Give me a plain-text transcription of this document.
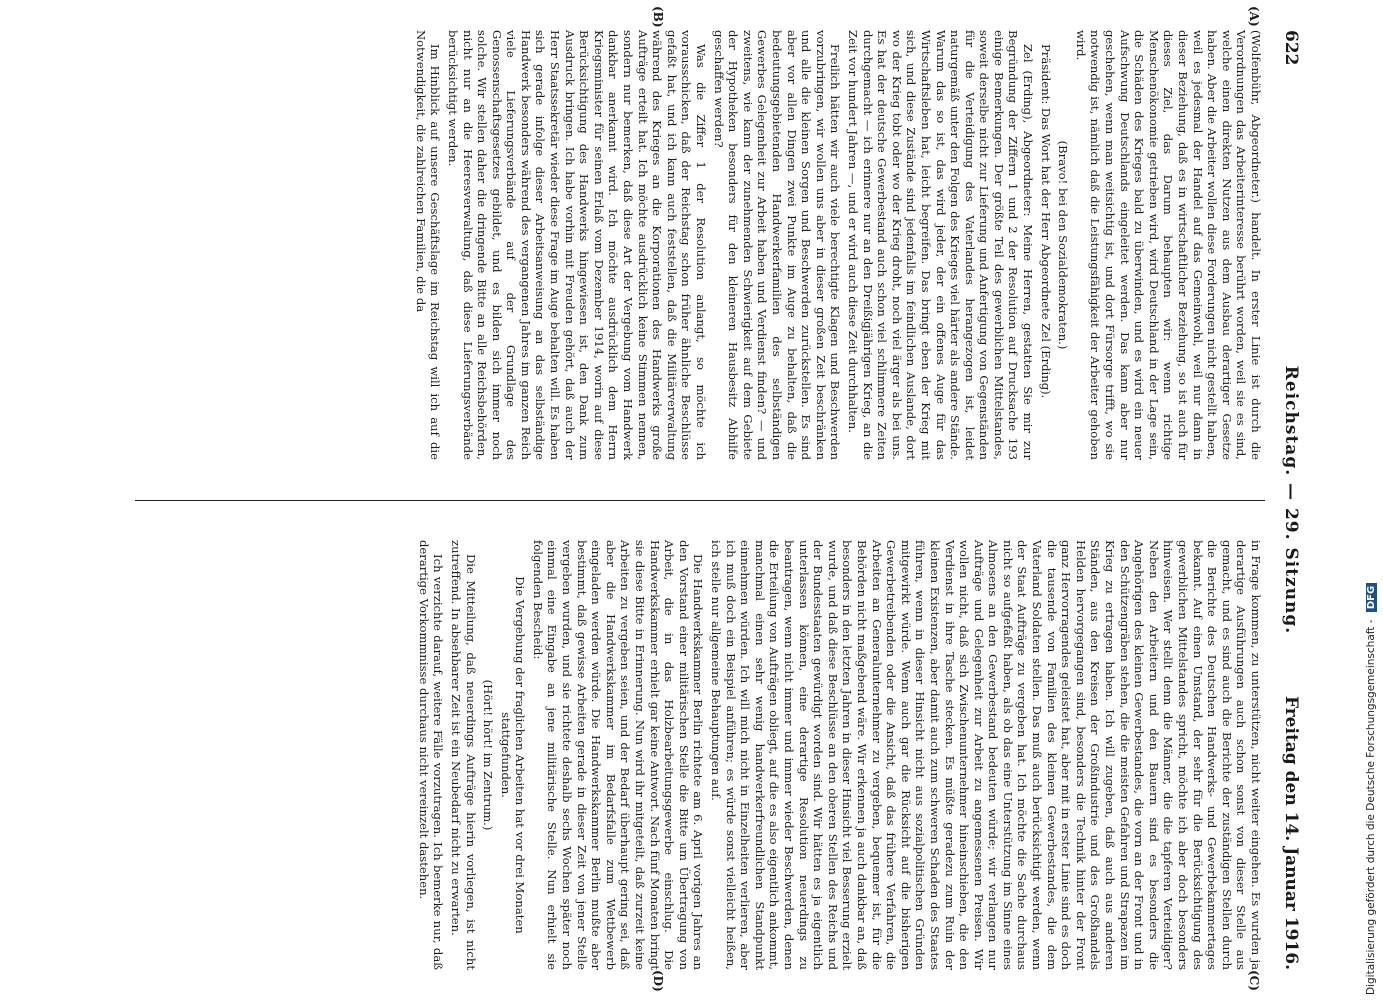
622
Reichstag. — 29. Sitzung.
Freitag den 14. Januar 1916.
(A)
(B)
(C)
(D)

(Wolfenbühr, Abgeordneter.) handelt. In erster Linie ist durch die Verordnungen das Arbeiterinteresse berührt worden, weil sie es sind, welche einen direkten Nutzen aus dem Ausbau derartiger Gesetze haben. Aber die Arbeiter wollen diese Forderungen nicht gestellt haben, weil es jedesmal der Handel auf das Gemeinwohl, weil nur dann in dieser Beziehung, daß es in wirtschaftlicher Beziehung, so ist auch für dieses Ziel, das Darum behaupten wir: wenn richtige Menschenökonomie getrieben wird, wird Deutschland in der Lage sein, die Schäden des Krieges bald zu überwinden, und es wird ein neuer Aufschwung Deutschlands eingeleitet werden. Das kann aber nur geschehen, wenn man weitsichtig ist, und dort Fürsorge trifft, wo sie notwendig ist, nämlich daß die Leistungsfähigkeit der Arbeiter gehoben wird.

(Bravo! bei den Sozialdemokraten.)

Präsident: Das Wort hat der Herr Abgeordnete Zel (Erding).

Zel (Erding), Abgeordneter: Meine Herren, gestatten Sie mir zur Begründung der Ziffern 1 und 2 der Resolution auf Drucksache 193 einige Bemerkungen. Der größte Teil des gewerblichen Mittelstandes, soweit derselbe nicht zur Lieferung und Anfertigung von Gegenständen für die Verteidigung des Vaterlandes herangezogen ist, leidet naturgemäß unter den Folgen des Krieges viel härter als andere Stände. Warum das so ist, das wird jeder, der ein offenes Auge für das Wirtschaftsleben hat, leicht begreifen. Das bringt eben der Krieg mit sich, und diese Zustände sind jedenfalls im feindlichen Auslande, dort wo der Krieg tobt oder wo der Krieg droht, noch viel ärger als bei uns. Es hat der deutsche Gewerbestand auch schon viel schlimmere Zeiten durchgemacht — ich erinnere nur an den Dreißigjährigen Krieg, an die Zeit vor hundert Jahren —, und er wird auch diese Zeit durchhalten.

Freilich hätten wir auch viele berechtigte Klagen und Beschwerden vorzubringen, wir wollen uns aber in dieser großen Zeit beschränken und alle die kleinen Sorgen und Beschwerden zurückstellen. Es sind aber vor allen Dingen zwei Punkte im Auge zu behalten, daß die bedeutungsgebietenden Handwerkerfamilien des selbständigen Gewerbes Gelegenheit zur Arbeit haben und Verdienst finden? — und zweitens, wie kann der zunehmenden Schwierigkeit auf dem Gebiete der Hypotheken besonders für den kleineren Hausbesitz Abhilfe geschaffen werden?

Was die Ziffer 1 der Resolution anlangt, so möchte ich vorausschicken, daß der Reichstag schon früher ähnliche Beschlüsse gefaßt hat, und ich kann auch feststellen, daß die Militärverwaltung während des Krieges an die Korporationen des Handwerks große Aufträge erteilt hat. Ich möchte ausdrücklich keine Stimmen nennen, sondern nur bemerken, daß diese Art der Vergebung vom Handwerk dankbar anerkannt wird. Ich möchte ausdrücklich dem Herrn Kriegsminister für seinen Erlaß vom Dezember 1914, worin auf diese Berücksichtigung des Handwerks hingewiesen ist, den Dank zum Ausdruck bringen. Ich habe vorhin mit Freuden gehört, daß auch der Herr Staatssekretär wieder diese Frage im Auge behalten will. Es haben sich gerade infolge dieser Arbeitsanweisung an das selbständige Handwerk besonders während des vergangenen Jahres im ganzen Reich viele Lieferungsverbände auf der Grundlage des Genossenschaftsgesetzes gebildet, und es bilden sich immer noch solche. Wir stellen daher die dringende Bitte an alle Reichsbehörden, nicht nur an die Heeresverwaltung, daß diese Lieferungsverbände berücksichtigt werden.

Im Hinblick auf unsere Geschäftslage im Reichstag will ich auf die Notwendigkeit, die zahlreichen Familien, die da

in Frage kommen, zu unterstützen, nicht weiter eingehen. Es wurden ja derartige Ausführungen auch schon sonst von dieser Stelle aus gemacht, und es sind auch die Berichte der zuständigen Stellen durch die Berichte des Deutschen Handwerks- und Gewerbekammertages bekannt. Auf einen Umstand, der sehr für die Berücksichtigung des gewerblichen Mittelstandes spricht, möchte ich aber doch besonders hinweisen. Wer stellt denn die Männer, die die tapferen Verteidiger? Neben den Arbeitern und den Bauern sind es besonders die Angehörigen des kleinen Gewerbestandes, die vorn an der Front und in den Schützengräben stehen, die die meisten Gefahren und Strapazen im Krieg zu ertragen haben. Ich will zugeben, daß auch aus anderen Ständen, aus den Kreisen der Großindustrie und des Großhandels Helden hervorgegangen sind, besonders die Technik hinter der Front ganz Hervorragendes geleistet hat, aber mit in erster Linie sind es doch die tausende von Familien des kleinen Gewerbestandes, die dem Vaterland Soldaten stellen. Das muß auch berücksichtigt werden, wenn der Staat Aufträge zu vergeben hat. Ich möchte die Sache durchaus nicht so aufgefaßt haben, als ob das eine Unterstützung im Sinne eines Almosens an den Gewerbestand bedeuten würde; wir verlangen nur Aufträge und Gelegenheit zur Arbeit zu angemessenen Preisen. Wir wollen nicht, daß sich Zwischenunternehmer hineinschieben, die den Verdienst in ihre Tasche stecken. Es müßte geradezu zum Ruin der kleinen Existenzen, aber damit auch zum schweren Schaden des Staates führen, wenn in dieser Hinsicht nicht aus sozialpolitischen Gründen mitgewirkt würde. Wenn auch gar die Rücksicht auf die bisherigen Gewerbetreibenden oder die Ansicht, daß das frühere Verfahren, die Arbeiten an Generalunternehmer zu vergeben, bequemer ist, für die Behörden nicht maßgebend wäre. Wir erkennen ja auch dankbar an, daß besonders in den letzten Jahren in dieser Hinsicht viel Besserung erzielt wurde, und daß diese Beschlüsse an den oberen Stellen des Reichs und der Bundesstaaten gewürdigt worden sind. Wir hätten es ja eigentlich unterlassen können, eine derartige Resolution neuerdings zu beantragen, wenn nicht immer und immer wieder Beschwerden, denen die Erteilung von Aufträgen obliegt, auf die es also eigentlich ankommt, manchmal einen sehr wenig handwerkerfreundlichen Standpunkt einnehmen würden. Ich will mich nicht in Einzelheiten verlieren, aber ich muß doch ein Beispiel anführen; es würde sonst vielleicht heißen, ich stelle nur allgemeine Behauptungen auf.

Die Handwerkskammer Berlin richtete am 6. April vorigen Jahres an den Vorstand einer militärischen Stelle die Bitte um Übertragung von Arbeit, die in das Holzbearbeitungsgewerbe einschlug. Die Handwerkskammer erhielt gar keine Antwort. Nach fünf Monaten bringt sie diese Bitte in Erinnerung. Nun wird ihr mitgeteilt, daß zurzeit keine Arbeiten zu vergeben seien, und der Bedarf überhaupt gering sei, daß aber die Handwerkskammer im Bedarfsfalle zum Wettbewerb eingeladen werden würde. Die Handwerkskammer Berlin mußte aber bestimmt, daß gewisse Arbeiten gerade in dieser Zeit von jener Stelle vergeben wurden, und sie richtete deshalb sechs Wochen später noch einmal eine Eingabe an jene militärische Stelle. Nun erhielt sie folgenden Bescheid:

Die Vergebung der fraglichen Arbeiten hat vor drei Monaten stattgefunden.

(Hört! hört! im Zentrum.)

Die Mitteilung, daß neuerdings Aufträge hierin vorliegen, ist nicht zutreffend. In absehbarer Zeit ist ein Neubedarf nicht zu erwarten.

Ich verzichte darauf, weitere Fälle vorzutragen. Ich bemerke nur, daß derartige Vorkommnisse durchaus nicht vereinzelt dastehen.	Digitalisierung gefördert durch die Deutsche Forschungsgemeinschaft - DFG
